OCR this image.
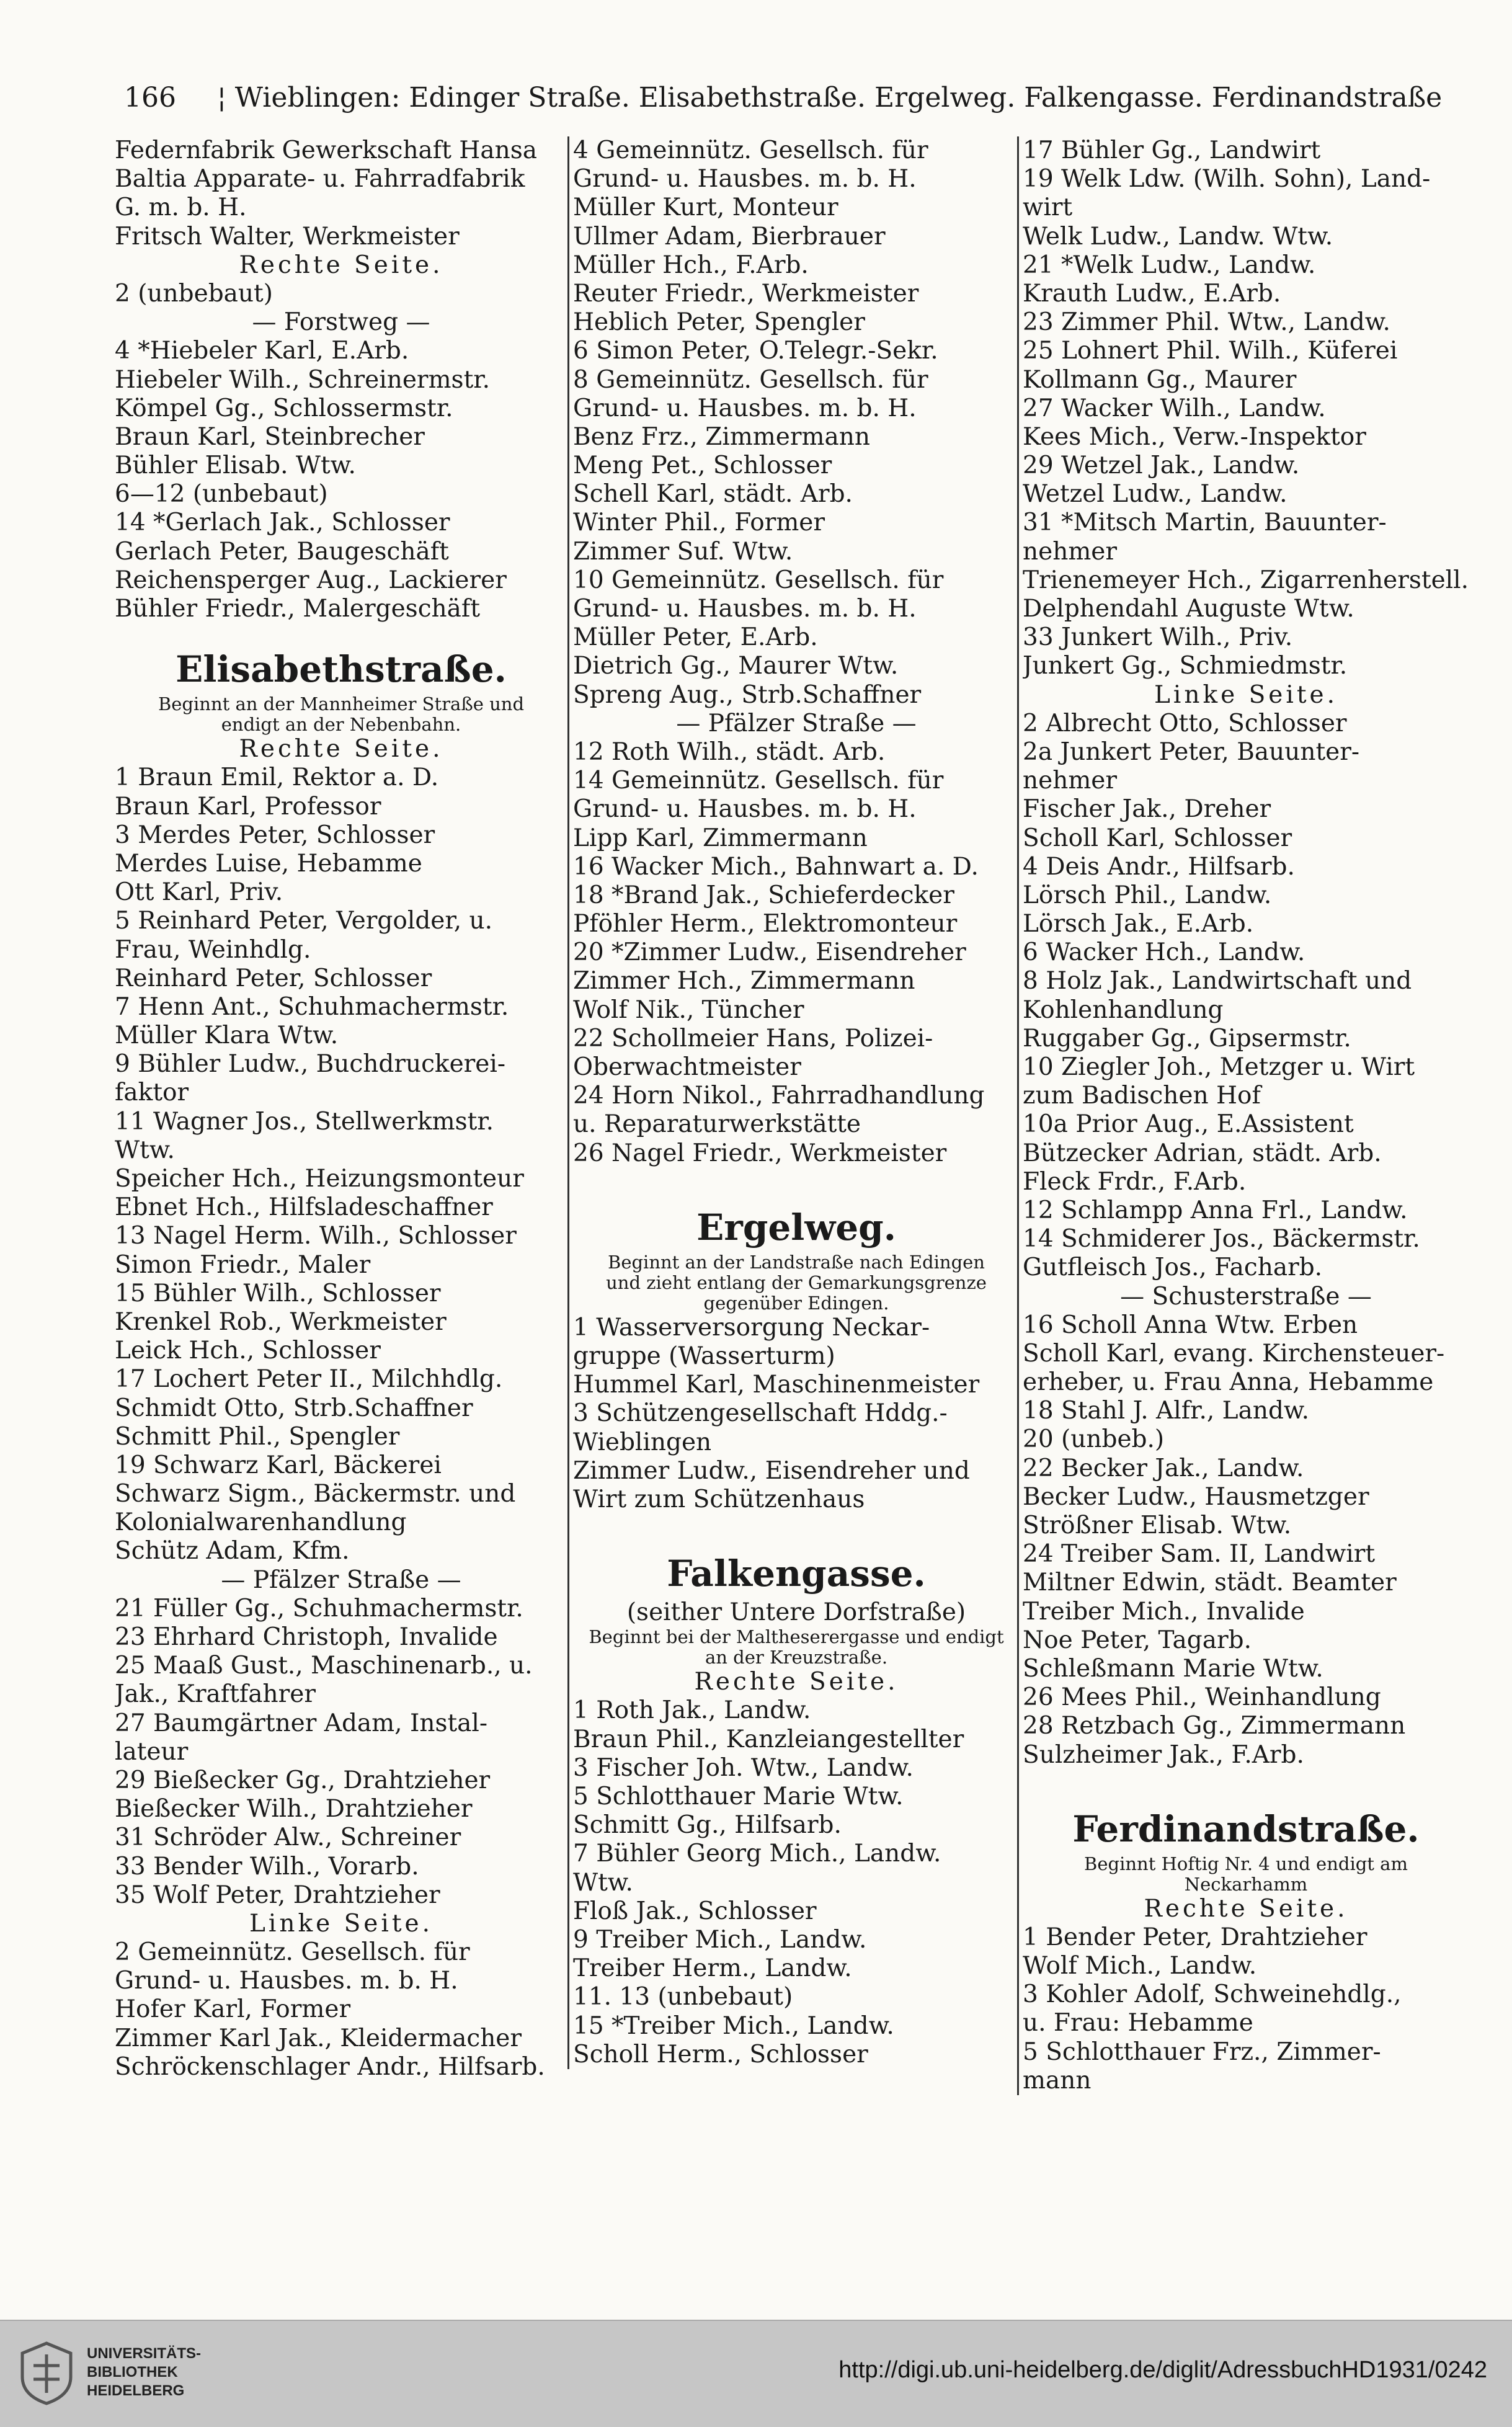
166 ¦ Wieblingen: Edinger Straße. Elisabethstraße. Ergelweg. Falkengasse. Ferdinandstraße
Federnfabrik Gewerkschaft Hansa
Baltia Apparate- u. Fahrradfabrik
G. m. b. H.
Fritsch Walter, Werkmeister
Rechte Seite.
2 (unbebaut)
— Forstweg —
4 *Hiebeler Karl, E.Arb.
Hiebeler Wilh., Schreinermstr.
Kömpel Gg., Schlossermstr.
Braun Karl, Steinbrecher
Bühler Elisab. Wtw.
6—12 (unbebaut)
14 *Gerlach Jak., Schlosser
Gerlach Peter, Baugeschäft
Reichensperger Aug., Lackierer
Bühler Friedr., Malergeschäft
Elisabethstraße.
Beginnt an der Mannheimer Straße und
endigt an der Nebenbahn.
Rechte Seite.
1 Braun Emil, Rektor a. D.
Braun Karl, Professor
3 Merdes Peter, Schlosser
Merdes Luise, Hebamme
Ott Karl, Priv.
5 Reinhard Peter, Vergolder, u.
Frau, Weinhdlg.
Reinhard Peter, Schlosser
7 Henn Ant., Schuhmachermstr.
Müller Klara Wtw.
9 Bühler Ludw., Buchdruckerei-
faktor
11 Wagner Jos., Stellwerkmstr.
Wtw.
Speicher Hch., Heizungsmonteur
Ebnet Hch., Hilfsladeschaffner
13 Nagel Herm. Wilh., Schlosser
Simon Friedr., Maler
15 Bühler Wilh., Schlosser
Krenkel Rob., Werkmeister
Leick Hch., Schlosser
17 Lochert Peter II., Milchhdlg.
Schmidt Otto, Strb.Schaffner
Schmitt Phil., Spengler
19 Schwarz Karl, Bäckerei
Schwarz Sigm., Bäckermstr. und
Kolonialwarenhandlung
Schütz Adam, Kfm.
— Pfälzer Straße —
21 Füller Gg., Schuhmachermstr.
23 Ehrhard Christoph, Invalide
25 Maaß Gust., Maschinenarb., u.
Jak., Kraftfahrer
27 Baumgärtner Adam, Instal-
lateur
29 Bießecker Gg., Drahtzieher
Bießecker Wilh., Drahtzieher
31 Schröder Alw., Schreiner
33 Bender Wilh., Vorarb.
35 Wolf Peter, Drahtzieher
Linke Seite.
2 Gemeinnütz. Gesellsch. für
Grund- u. Hausbes. m. b. H.
Hofer Karl, Former
Zimmer Karl Jak., Kleidermacher
Schröckenschlager Andr., Hilfsarb.
4 Gemeinnütz. Gesellsch. für
Grund- u. Hausbes. m. b. H.
Müller Kurt, Monteur
Ullmer Adam, Bierbrauer
Müller Hch., F.Arb.
Reuter Friedr., Werkmeister
Heblich Peter, Spengler
6 Simon Peter, O.Telegr.-Sekr.
8 Gemeinnütz. Gesellsch. für
Grund- u. Hausbes. m. b. H.
Benz Frz., Zimmermann
Meng Pet., Schlosser
Schell Karl, städt. Arb.
Winter Phil., Former
Zimmer Suf. Wtw.
10 Gemeinnütz. Gesellsch. für
Grund- u. Hausbes. m. b. H.
Müller Peter, E.Arb.
Dietrich Gg., Maurer Wtw.
Spreng Aug., Strb.Schaffner
— Pfälzer Straße —
12 Roth Wilh., städt. Arb.
14 Gemeinnütz. Gesellsch. für
Grund- u. Hausbes. m. b. H.
Lipp Karl, Zimmermann
16 Wacker Mich., Bahnwart a. D.
18 *Brand Jak., Schieferdecker
Pföhler Herm., Elektromonteur
20 *Zimmer Ludw., Eisendreher
Zimmer Hch., Zimmermann
Wolf Nik., Tüncher
22 Schollmeier Hans, Polizei-
Oberwachtmeister
24 Horn Nikol., Fahrradhandlung
u. Reparaturwerkstätte
26 Nagel Friedr., Werkmeister
Ergelweg.
Beginnt an der Landstraße nach Edingen
und zieht entlang der Gemarkungsgrenze
gegenüber Edingen.
1 Wasserversorgung Neckar-
gruppe (Wasserturm)
Hummel Karl, Maschinenmeister
3 Schützengesellschaft Hddg.-
Wieblingen
Zimmer Ludw., Eisendreher und
Wirt zum Schützenhaus
Falkengasse.
(seither Untere Dorfstraße)
Beginnt bei der Maltheserergasse und endigt
an der Kreuzstraße.
Rechte Seite.
1 Roth Jak., Landw.
Braun Phil., Kanzleiangestellter
3 Fischer Joh. Wtw., Landw.
5 Schlotthauer Marie Wtw.
Schmitt Gg., Hilfsarb.
7 Bühler Georg Mich., Landw.
Wtw.
Floß Jak., Schlosser
9 Treiber Mich., Landw.
Treiber Herm., Landw.
11. 13 (unbebaut)
15 *Treiber Mich., Landw.
Scholl Herm., Schlosser
17 Bühler Gg., Landwirt
19 Welk Ldw. (Wilh. Sohn), Land-
wirt
Welk Ludw., Landw. Wtw.
21 *Welk Ludw., Landw.
Krauth Ludw., E.Arb.
23 Zimmer Phil. Wtw., Landw.
25 Lohnert Phil. Wilh., Küferei
Kollmann Gg., Maurer
27 Wacker Wilh., Landw.
Kees Mich., Verw.-Inspektor
29 Wetzel Jak., Landw.
Wetzel Ludw., Landw.
31 *Mitsch Martin, Bauunter-
nehmer
Trienemeyer Hch., Zigarrenherstell.
Delphendahl Auguste Wtw.
33 Junkert Wilh., Priv.
Junkert Gg., Schmiedmstr.
Linke Seite.
2 Albrecht Otto, Schlosser
2a Junkert Peter, Bauunter-
nehmer
Fischer Jak., Dreher
Scholl Karl, Schlosser
4 Deis Andr., Hilfsarb.
Lörsch Phil., Landw.
Lörsch Jak., E.Arb.
6 Wacker Hch., Landw.
8 Holz Jak., Landwirtschaft und
Kohlenhandlung
Ruggaber Gg., Gipsermstr.
10 Ziegler Joh., Metzger u. Wirt
zum Badischen Hof
10a Prior Aug., E.Assistent
Bützecker Adrian, städt. Arb.
Fleck Frdr., F.Arb.
12 Schlampp Anna Frl., Landw.
14 Schmiderer Jos., Bäckermstr.
Gutfleisch Jos., Facharb.
— Schusterstraße —
16 Scholl Anna Wtw. Erben
Scholl Karl, evang. Kirchensteuer-
erheber, u. Frau Anna, Hebamme
18 Stahl J. Alfr., Landw.
20 (unbeb.)
22 Becker Jak., Landw.
Becker Ludw., Hausmetzger
Strößner Elisab. Wtw.
24 Treiber Sam. II, Landwirt
Miltner Edwin, städt. Beamter
Treiber Mich., Invalide
Noe Peter, Tagarb.
Schleßmann Marie Wtw.
26 Mees Phil., Weinhandlung
28 Retzbach Gg., Zimmermann
Sulzheimer Jak., F.Arb.
Ferdinandstraße.
Beginnt Hoftig Nr. 4 und endigt am
Neckarhamm
Rechte Seite.
1 Bender Peter, Drahtzieher
Wolf Mich., Landw.
3 Kohler Adolf, Schweinehdlg.,
u. Frau: Hebamme
5 Schlotthauer Frz., Zimmer-
mann
UNIVERSITÄTS-
BIBLIOTHEK
HEIDELBERG
http://digi.ub.uni-heidelberg.de/diglit/AdressbuchHD1931/0242
